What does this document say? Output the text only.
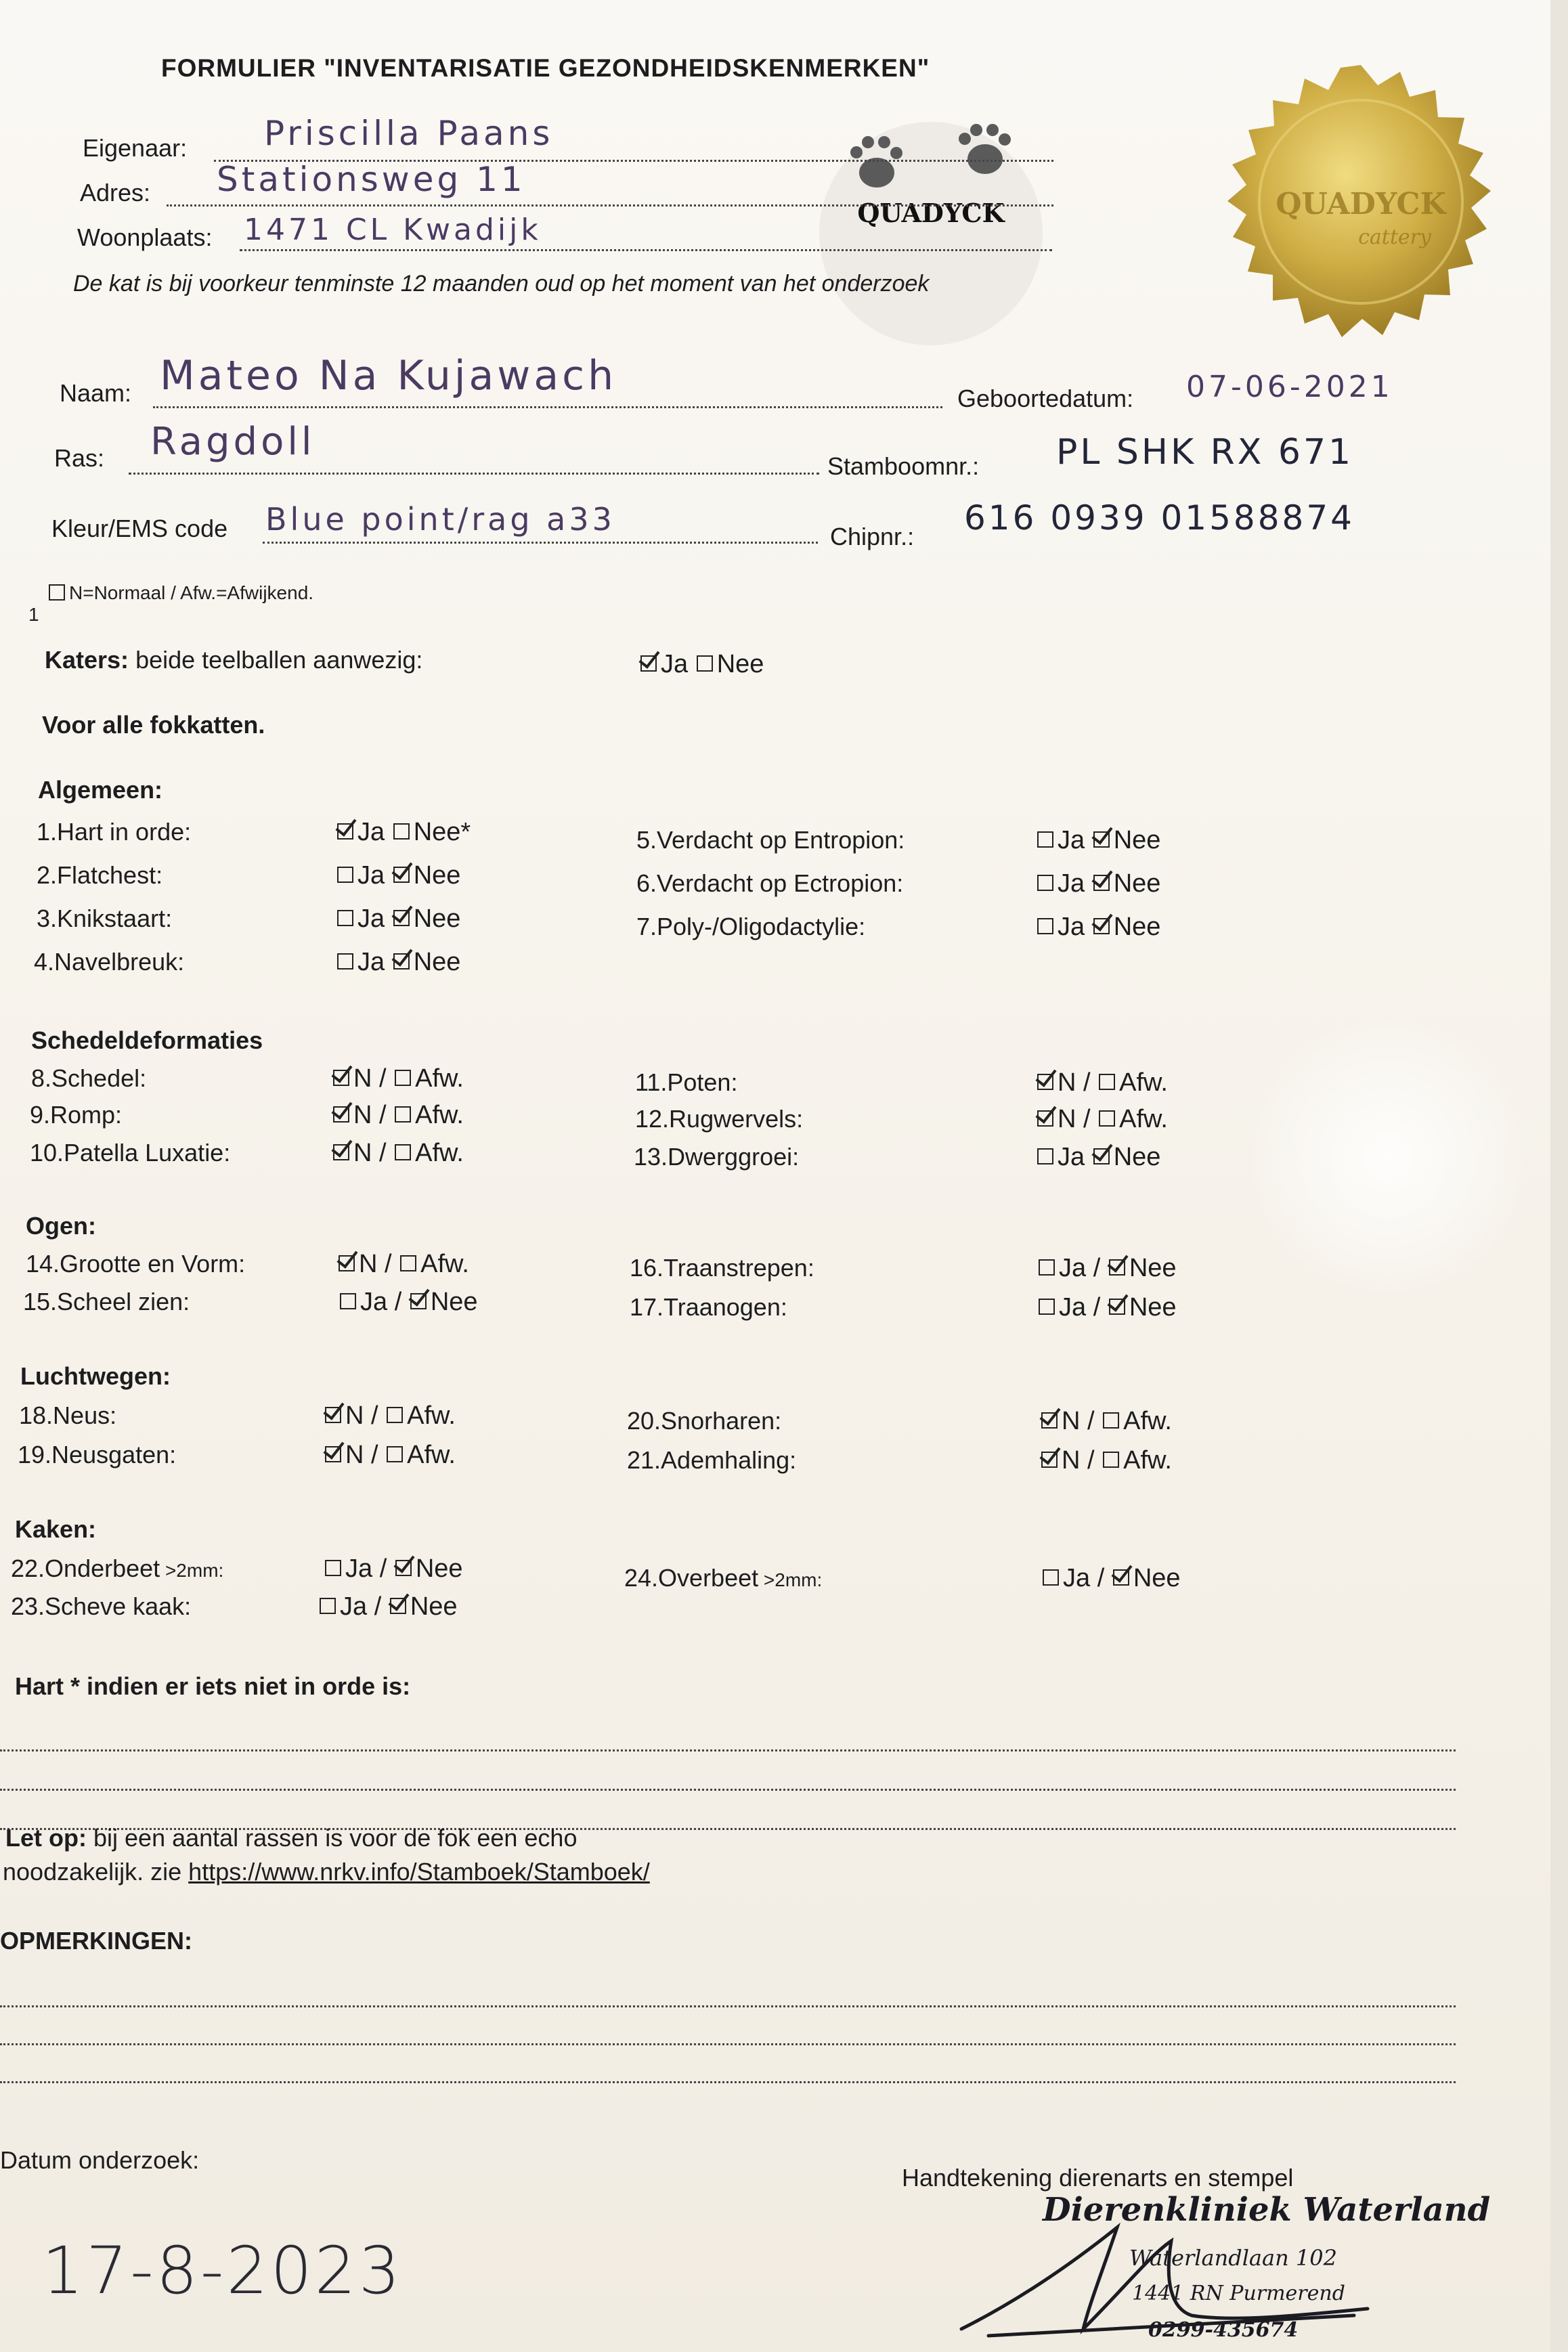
QUADYCK	QUADYCK
cattery
FORMULIER "INVENTARISATIE GEZONDHEIDSKENMERKEN"
Eigenaar: Priscilla Paans
Adres: Stationsweg 11
Woonplaats: 1471 CL Kwadijk
De kat is bij voorkeur tenminste 12 maanden oud op het moment van het onderzoek
Naam: Mateo Na Kujawach	Geboortedatum: 07-06-2021
Ras: Ragdoll
Stamboomnr.: PL SHK RX 671
Kleur/EMS code Blue point/rag a33	Chipnr.: 616 0939 01588874
N=Normaal / Afw.=Afwijkend.
1
Katers: beide teelballen aanwezig:	Ja Nee
Voor alle fokkatten.
Algemeen:
1.Hart in orde:	Ja Nee*
2.Flatchest:	Ja Nee
3.Knikstaart:	Ja Nee
4.Navelbreuk:	Ja Nee
5.Verdacht op Entropion:	Ja Nee
6.Verdacht op Ectropion:	Ja Nee
7.Poly-/Oligodactylie:	Ja Nee
8.Schedel:	N / Afw.
9.Romp:	N / Afw.
10.Patella Luxatie:	N / Afw.
11.Poten:	N / Afw.
12.Rugwervels:	N / Afw.
13.Dwerggroei:	Ja Nee
14.Grootte en Vorm:	N / Afw.
15.Scheel zien:	Ja / Nee
16.Traanstrepen:	Ja / Nee
17.Traanogen:	Ja / Nee
18.Neus:	N / Afw.
19.Neusgaten:	N / Afw.
20.Snorharen:	N / Afw.
21.Ademhaling:	N / Afw.
22.Onderbeet >2mm:	Ja / Nee
23.Scheve kaak:	Ja / Nee
24.Overbeet >2mm:	Ja / Nee
Schedeldeformaties
Ogen:
Luchtwegen:
Kaken:
Hart * indien er iets niet in orde is:
Let op: bij een aantal rassen is voor de fok een echo
noodzakelijk. zie https://www.nrkv.info/Stamboek/Stamboek/
OPMERKINGEN:
Datum onderzoek:
17-8-2023
Handtekening dierenarts en stempel
Dierenkliniek Waterland
Waterlandlaan 102
1441 RN Purmerend
0299-435674
